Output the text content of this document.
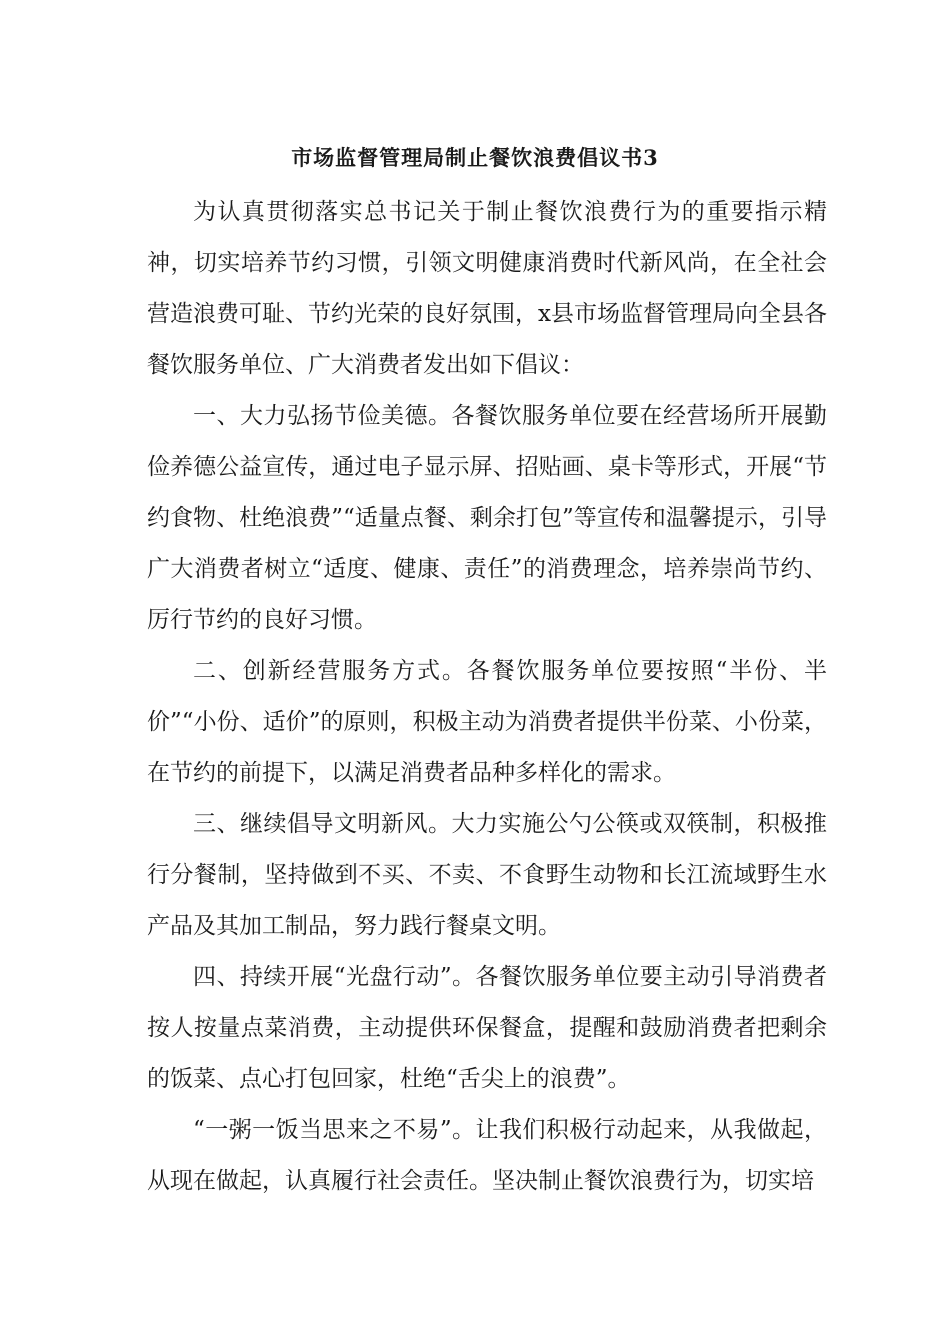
市场监督管理局制止餐饮浪费倡议书3

为认真贯彻落实总书记关于制止餐饮浪费行为的重要指示精神，切实培养节约习惯，引领文明健康消费时代新风尚，在全社会营造浪费可耻、节约光荣的良好氛围，x县市场监督管理局向全县各餐饮服务单位、广大消费者发出如下倡议：

一、大力弘扬节俭美德。各餐饮服务单位要在经营场所开展勤俭养德公益宣传，通过电子显示屏、招贴画、桌卡等形式，开展“节约食物、杜绝浪费”“适量点餐、剩余打包”等宣传和温馨提示，引导广大消费者树立“适度、健康、责任”的消费理念，培养崇尚节约、厉行节约的良好习惯。

二、创新经营服务方式。各餐饮服务单位要按照“半份、半价”“小份、适价”的原则，积极主动为消费者提供半份菜、小份菜，在节约的前提下，以满足消费者品种多样化的需求。

三、继续倡导文明新风。大力实施公勺公筷或双筷制，积极推行分餐制，坚持做到不买、不卖、不食野生动物和长江流域野生水产品及其加工制品，努力践行餐桌文明。

四、持续开展“光盘行动”。各餐饮服务单位要主动引导消费者按人按量点菜消费，主动提供环保餐盒，提醒和鼓励消费者把剩余的饭菜、点心打包回家，杜绝“舌尖上的浪费”。

“一粥一饭当思来之不易”。让我们积极行动起来，从我做起，从现在做起，认真履行社会责任。坚决制止餐饮浪费行为，切实培
